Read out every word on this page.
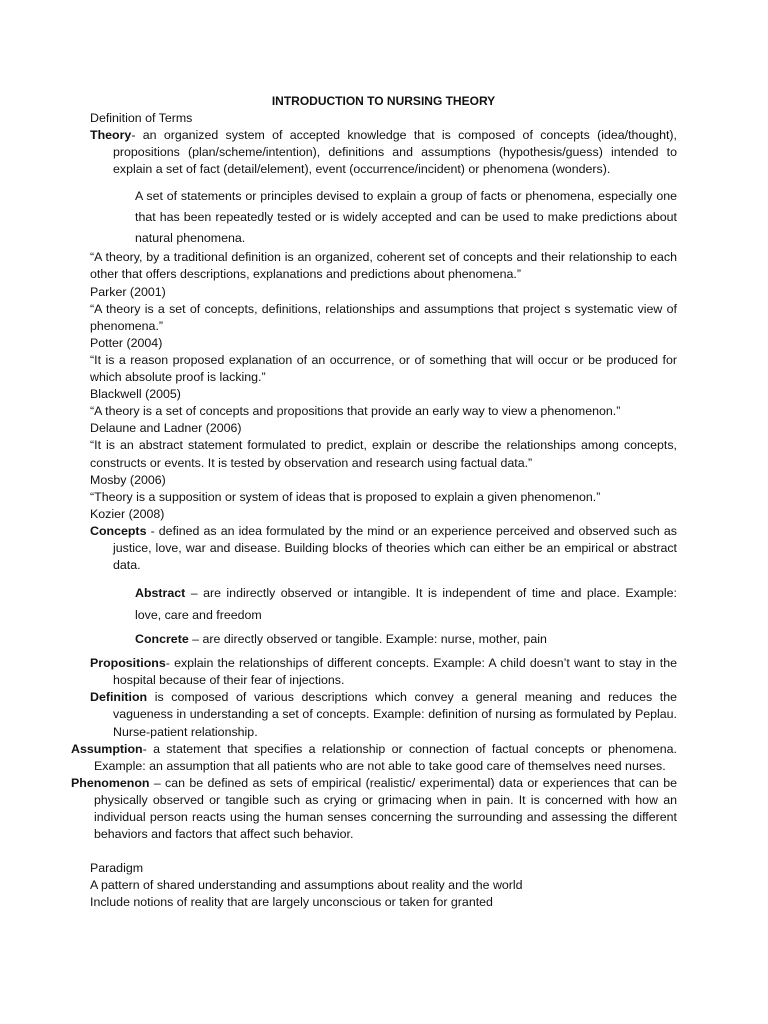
INTRODUCTION TO NURSING THEORY

Definition of Terms

Theory- an organized system of accepted knowledge that is composed of concepts (idea/thought), propositions (plan/scheme/intention), definitions and assumptions (hypothesis/guess) intended to explain a set of fact (detail/element), event (occurrence/incident) or phenomena (wonders).

A set of statements or principles devised to explain a group of facts or phenomena, especially one that has been repeatedly tested or is widely accepted and can be used to make predictions about natural phenomena.

“A theory, by a traditional definition is an organized, coherent set of concepts and their relationship to each other that offers descriptions, explanations and predictions about phenomena.”

Parker (2001)

“A theory is a set of concepts, definitions, relationships and assumptions that project s systematic view of phenomena.”

Potter (2004)

“It is a reason proposed explanation of an occurrence, or of something that will occur or be produced for which absolute proof is lacking.”

Blackwell (2005)

“A theory is a set of concepts and propositions that provide an early way to view a phenomenon.”

Delaune and Ladner (2006)

“It is an abstract statement formulated to predict, explain or describe the relationships among concepts, constructs or events. It is tested by observation and research using factual data.”

Mosby (2006)

“Theory is a supposition or system of ideas that is proposed to explain a given phenomenon.”

Kozier (2008)

Concepts - defined as an idea formulated by the mind or an experience perceived and observed such as justice, love, war and disease. Building blocks of theories which can either be an empirical or abstract data.

Abstract – are indirectly observed or intangible. It is independent of time and place. Example: love, care and freedom

Concrete – are directly observed or tangible. Example: nurse, mother, pain

Propositions- explain the relationships of different concepts. Example: A child doesn’t want to stay in the hospital because of their fear of injections.

Definition is composed of various descriptions which convey a general meaning and reduces the vagueness in understanding a set of concepts. Example: definition of nursing as formulated by Peplau. Nurse-patient relationship.

Assumption- a statement that specifies a relationship or connection of factual concepts or phenomena. Example: an assumption that all patients who are not able to take good care of themselves need nurses.

Phenomenon – can be defined as sets of empirical (realistic/ experimental) data or experiences that can be physically observed or tangible such as crying or grimacing when in pain. It is concerned with how an individual person reacts using the human senses concerning the surrounding and assessing the different behaviors and factors that affect such behavior.

Paradigm

A pattern of shared understanding and assumptions about reality and the world

Include notions of reality that are largely unconscious or taken for granted
